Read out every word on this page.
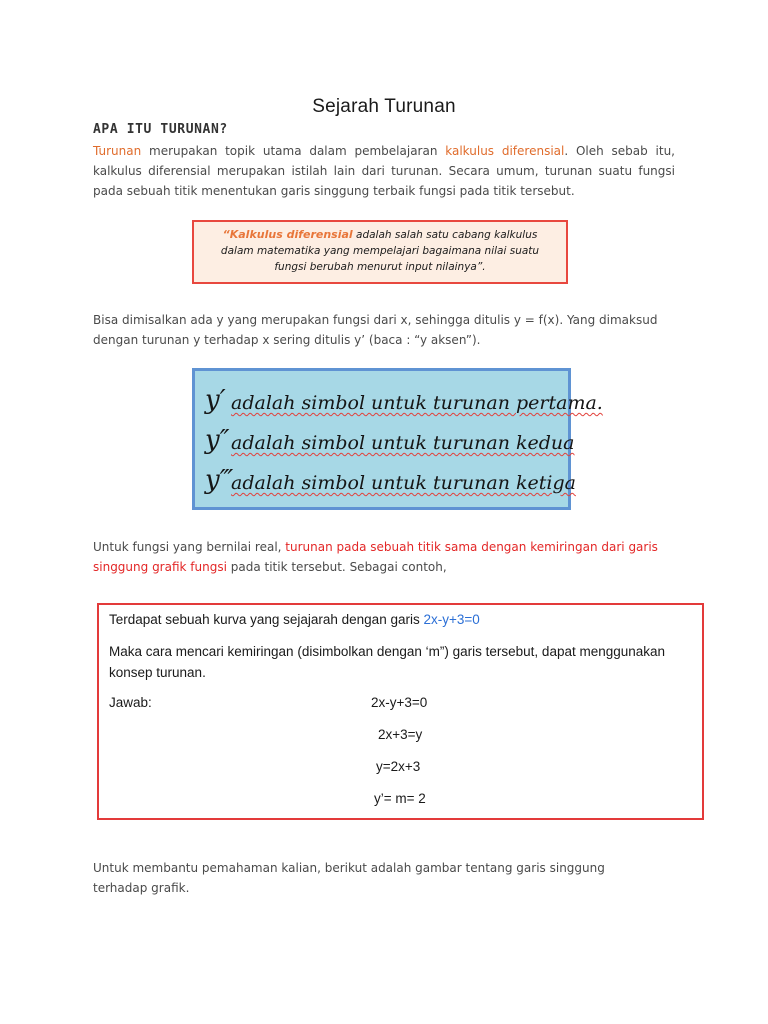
Sejarah Turunan
APA ITU TURUNAN?
Turunan merupakan topik utama dalam pembelajaran kalkulus diferensial. Oleh sebab itu, kalkulus diferensial merupakan istilah lain dari turunan. Secara umum, turunan suatu fungsi pada sebuah titik menentukan garis singgung terbaik fungsi pada titik tersebut.
“Kalkulus diferensial adalah salah satu cabang kalkulus
dalam matematika yang mempelajari bagaimana nilai suatu
fungsi berubah menurut input nilainya”.
Bisa dimisalkan ada y yang merupakan fungsi dari x, sehingga ditulis y = f(x). Yang dimaksud dengan turunan y terhadap x sering ditulis y’ (baca : “y aksen”).
y′ adalah simbol untuk turunan pertama.
y″ adalah simbol untuk turunan kedua
y‴
adalah simbol untuk turunan ketiga
Untuk fungsi yang bernilai real, turunan pada sebuah titik sama dengan kemiringan dari garis singgung grafik fungsi pada titik tersebut. Sebagai contoh,
Terdapat sebuah kurva yang sejajarah dengan garis 2x-y+3=0
Maka cara mencari kemiringan (disimbolkan dengan ‘m”) garis tersebut, dapat menggunakan
konsep turunan.
Jawab:	2x-y+3=0
2x+3=y
y=2x+3
y’= m= 2
Untuk membantu pemahaman kalian, berikut adalah gambar tentang garis singgung terhadap grafik.
